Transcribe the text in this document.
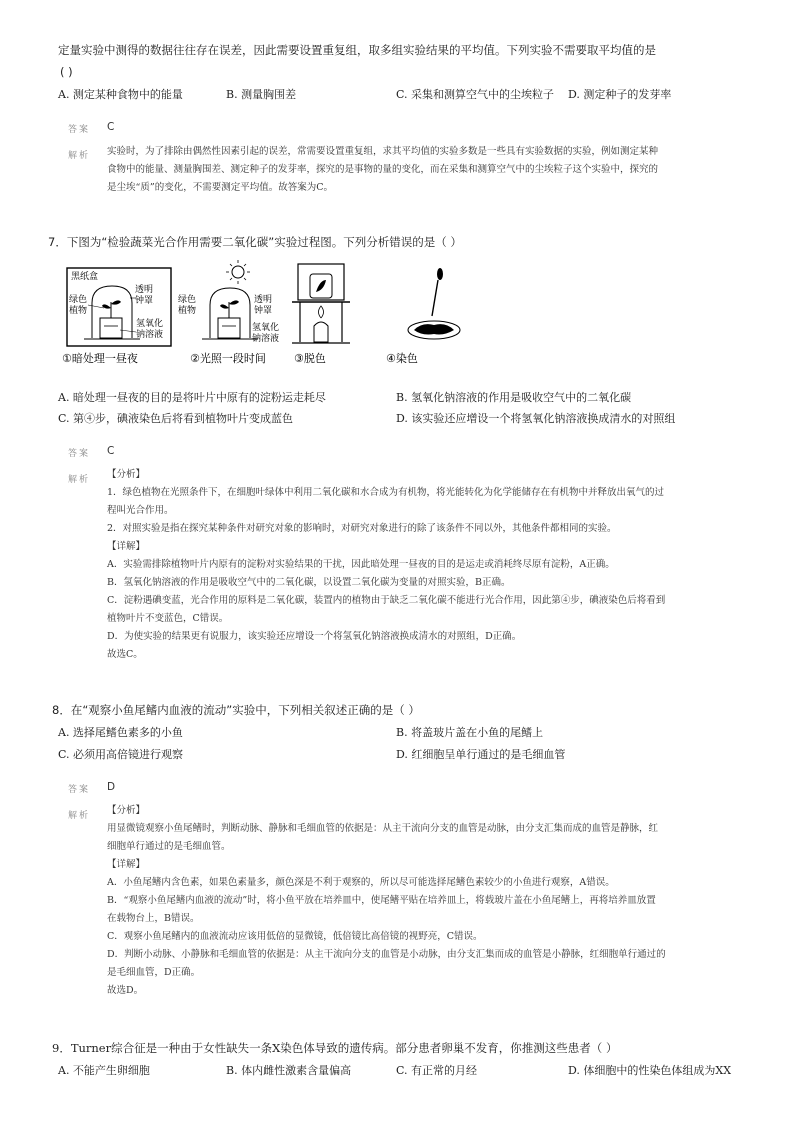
定量实验中测得的数据往往存在误差，因此需要设置重复组，取多组实验结果的平均值。下列实验不需要取平均值的是
( )
A. 测定某种食物中的能量	B. 测量胸围差	C. 采集和测算空气中的尘埃粒子 D. 测定种子的发芽率
答案 C
解析 实验时，为了排除由偶然性因素引起的误差，常需要设置重复组，求其平均值的实验多数是一些具有实验数据的实验，例如测定某种

食物中的能量、测量胸围差、测定种子的发芽率，探究的是事物的量的变化，而在采集和测算空气中的尘埃粒子这个实验中，探究的

是尘埃“质”的变化，不需要测定平均值。故答案为C。

7．下图为“检验蔬菜光合作用需要二氧化碳”实验过程图。下列分析错误的是（ ）
黑纸盒
绿色 植物
透明 钟罩
氢氧化 钠溶液
绿色 植物
透明 钟罩
氢氧化 钠溶液
①暗处理一昼夜	②光照一段时间	③脱色	④染色
A. 暗处理一昼夜的目的是将叶片中原有的淀粉运走耗尽	B. 氢氧化钠溶液的作用是吸收空气中的二氧化碳
C. 第④步，碘液染色后将看到植物叶片变成蓝色	D. 该实验还应增设一个将氢氧化钠溶液换成清水的对照组
答案 C
解析 【分析】

1．绿色植物在光照条件下，在细胞叶绿体中利用二氧化碳和水合成为有机物，将光能转化为化学能储存在有机物中并释放出氧气的过

程叫光合作用。

2．对照实验是指在探究某种条件对研究对象的影响时，对研究对象进行的除了该条件不同以外，其他条件都相同的实验。

【详解】

A．实验需排除植物叶片内原有的淀粉对实验结果的干扰，因此暗处理一昼夜的目的是运走或消耗终尽原有淀粉，A正确。

B．氢氧化钠溶液的作用是吸收空气中的二氧化碳，以设置二氧化碳为变量的对照实验，B正确。

C．淀粉遇碘变蓝，光合作用的原料是二氧化碳，装置内的植物由于缺乏二氧化碳不能进行光合作用，因此第④步，碘液染色后将看到

植物叶片不变蓝色，C错误。

D．为使实验的结果更有说服力，该实验还应增设一个将氢氧化钠溶液换成清水的对照组，D正确。

故选C。

8．在“观察小鱼尾鳍内血液的流动”实验中，下列相关叙述正确的是（ ）
A. 选择尾鳍色素多的小鱼	B. 将盖玻片盖在小鱼的尾鳍上
C. 必须用高倍镜进行观察	D. 红细胞呈单行通过的是毛细血管
答案 D
解析 【分析】

用显微镜观察小鱼尾鳍时，判断动脉、静脉和毛细血管的依据是：从主干流向分支的血管是动脉，由分支汇集而成的血管是静脉，红

细胞单行通过的是毛细血管。

【详解】

A．小鱼尾鳍内含色素，如果色素量多，颜色深是不利于观察的，所以尽可能选择尾鳍色素较少的小鱼进行观察，A错误。

B．“观察小鱼尾鳍内血液的流动”时，将小鱼平放在培养皿中，使尾鳍平贴在培养皿上，将载玻片盖在小鱼尾鳍上，再将培养皿放置

在载物台上，B错误。

C．观察小鱼尾鳍内的血液流动应该用低倍的显微镜，低倍镜比高倍镜的视野亮，C错误。

D．判断小动脉、小静脉和毛细血管的依据是：从主干流向分支的血管是小动脉，由分支汇集而成的血管是小静脉，红细胞单行通过的

是毛细血管，D正确。

故选D。

9．Turner综合征是一种由于女性缺失一条X染色体导致的遗传病。部分患者卵巢不发育，你推测这些患者（ ）
A. 不能产生卵细胞	B. 体内雌性激素含量偏高	C. 有正常的月经	D. 体细胞中的性染色体组成为XX
